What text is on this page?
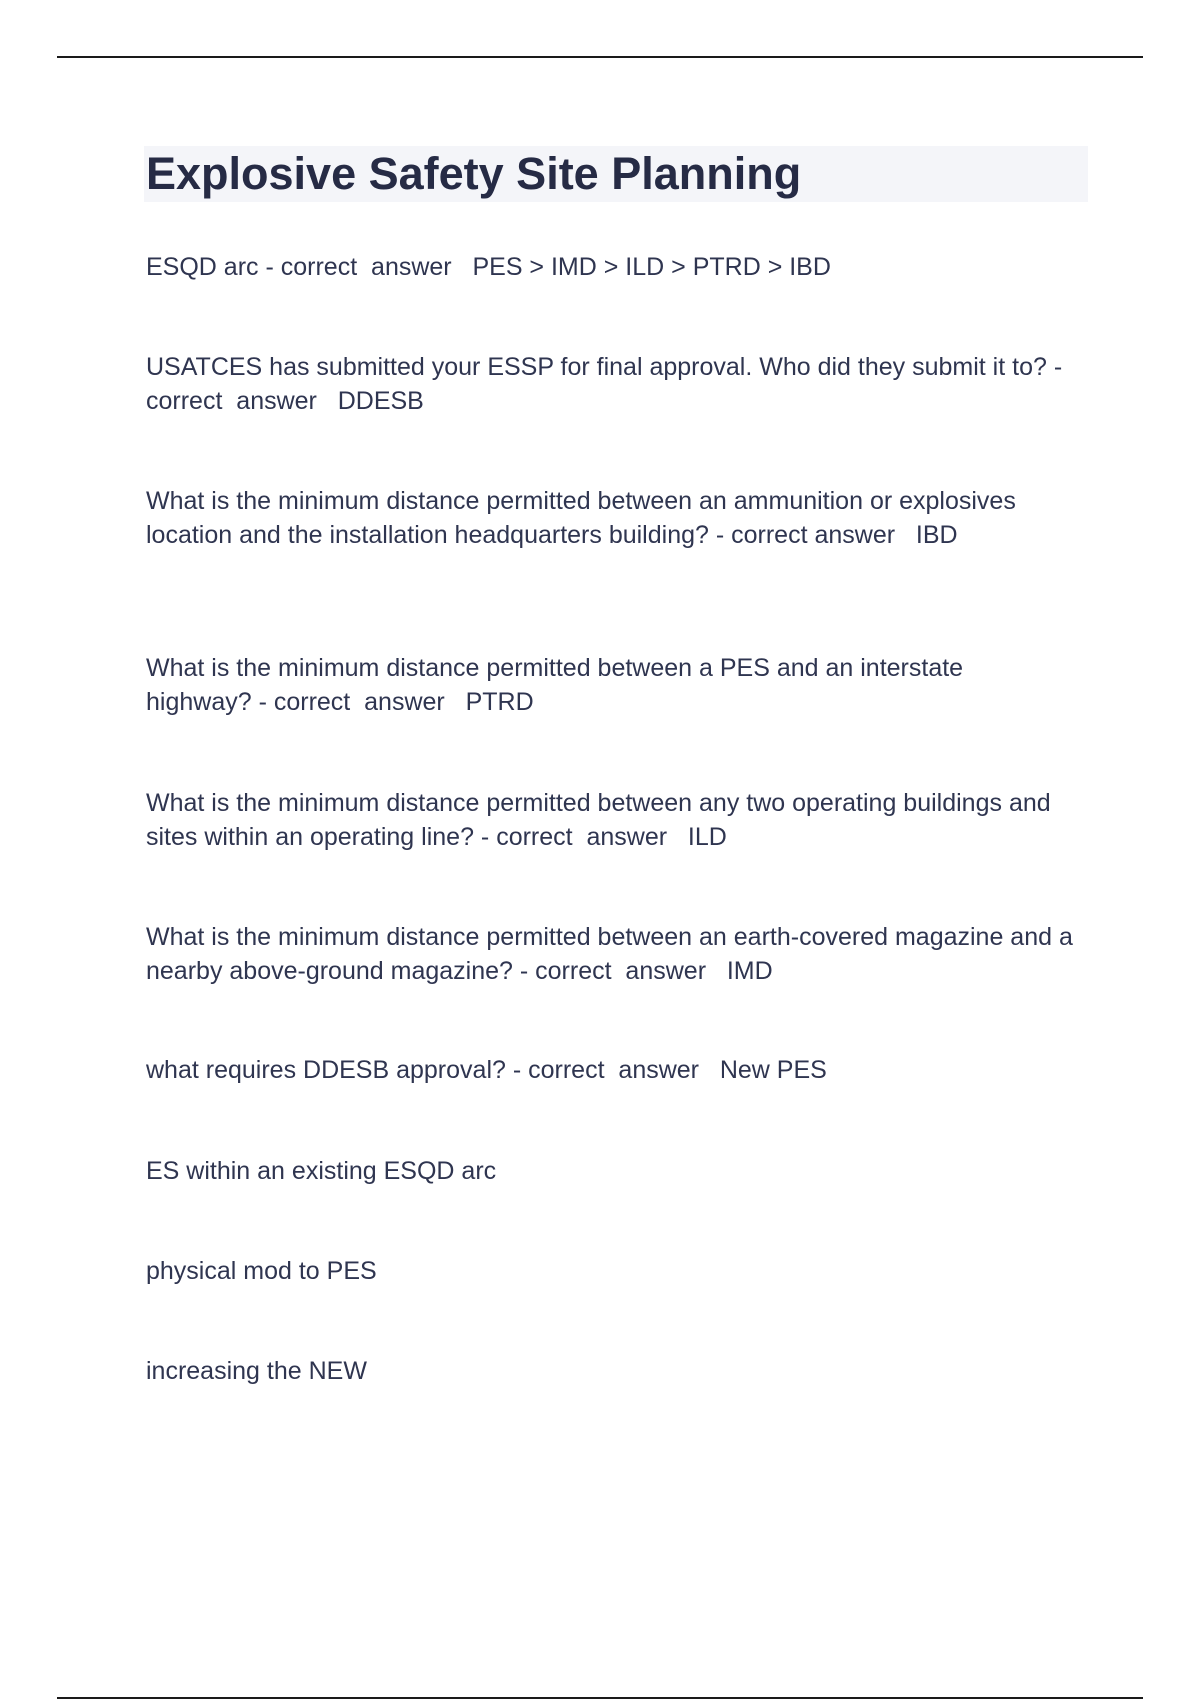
Explosive Safety Site Planning

ESQD arc - correct  answer   PES > IMD > ILD > PTRD > IBD

USATCES has submitted your ESSP for final approval. Who did they submit it to? - correct  answer   DDESB

What is the minimum distance permitted between an ammunition or explosives location and the installation headquarters building? - correct answer   IBD

What is the minimum distance permitted between a PES and an interstate highway? - correct  answer   PTRD

What is the minimum distance permitted between any two operating buildings and sites within an operating line? - correct  answer   ILD

What is the minimum distance permitted between an earth-covered magazine and a nearby above-ground magazine? - correct  answer   IMD

what requires DDESB approval? - correct  answer   New PES

ES within an existing ESQD arc

physical mod to PES

increasing the NEW
